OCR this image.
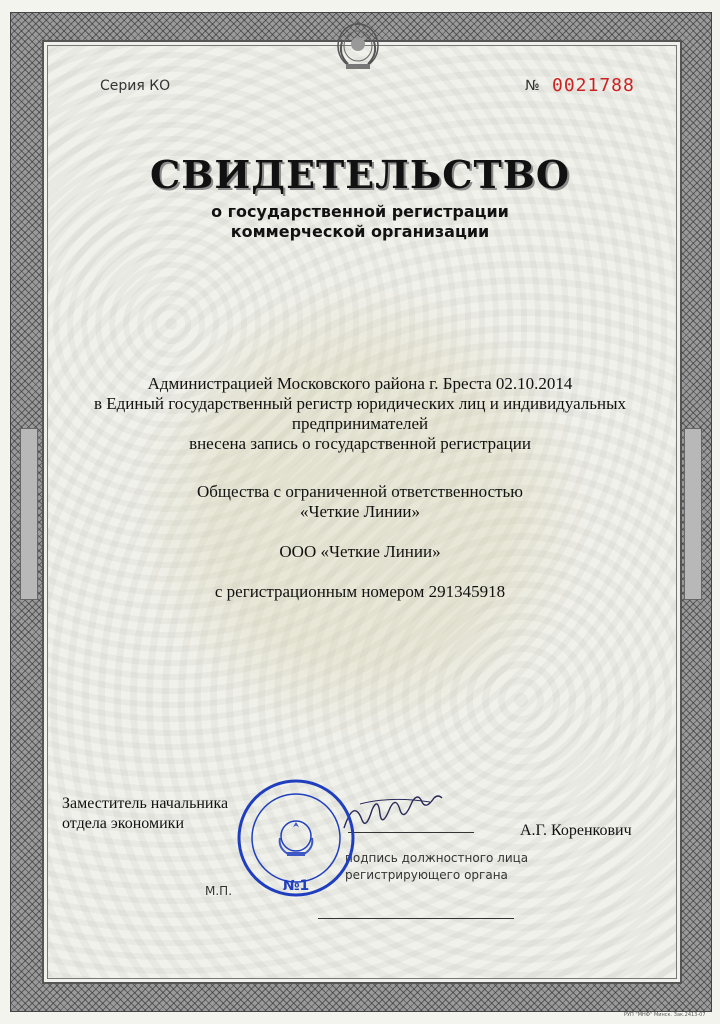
Серия КО	№ 0021788
СВИДЕТЕЛЬСТВО
о государственной регистрации
коммерческой организации
Администрацией Московского района г. Бреста 02.10.2014
в Единый государственный регистр юридических лиц и индивидуальных
предпринимателей
внесена запись о государственной регистрации
Общества с ограниченной ответственностью
«Четкие Линии»
ООО «Четкие Линии»
с регистрационным номером 291345918
Заместитель начальника
отдела экономики	А.Г. Коренкович
подпись должностного лица
регистрирующего органа
М.П.	№1
РУП "МНФ" Минск. Зак.2413-07
